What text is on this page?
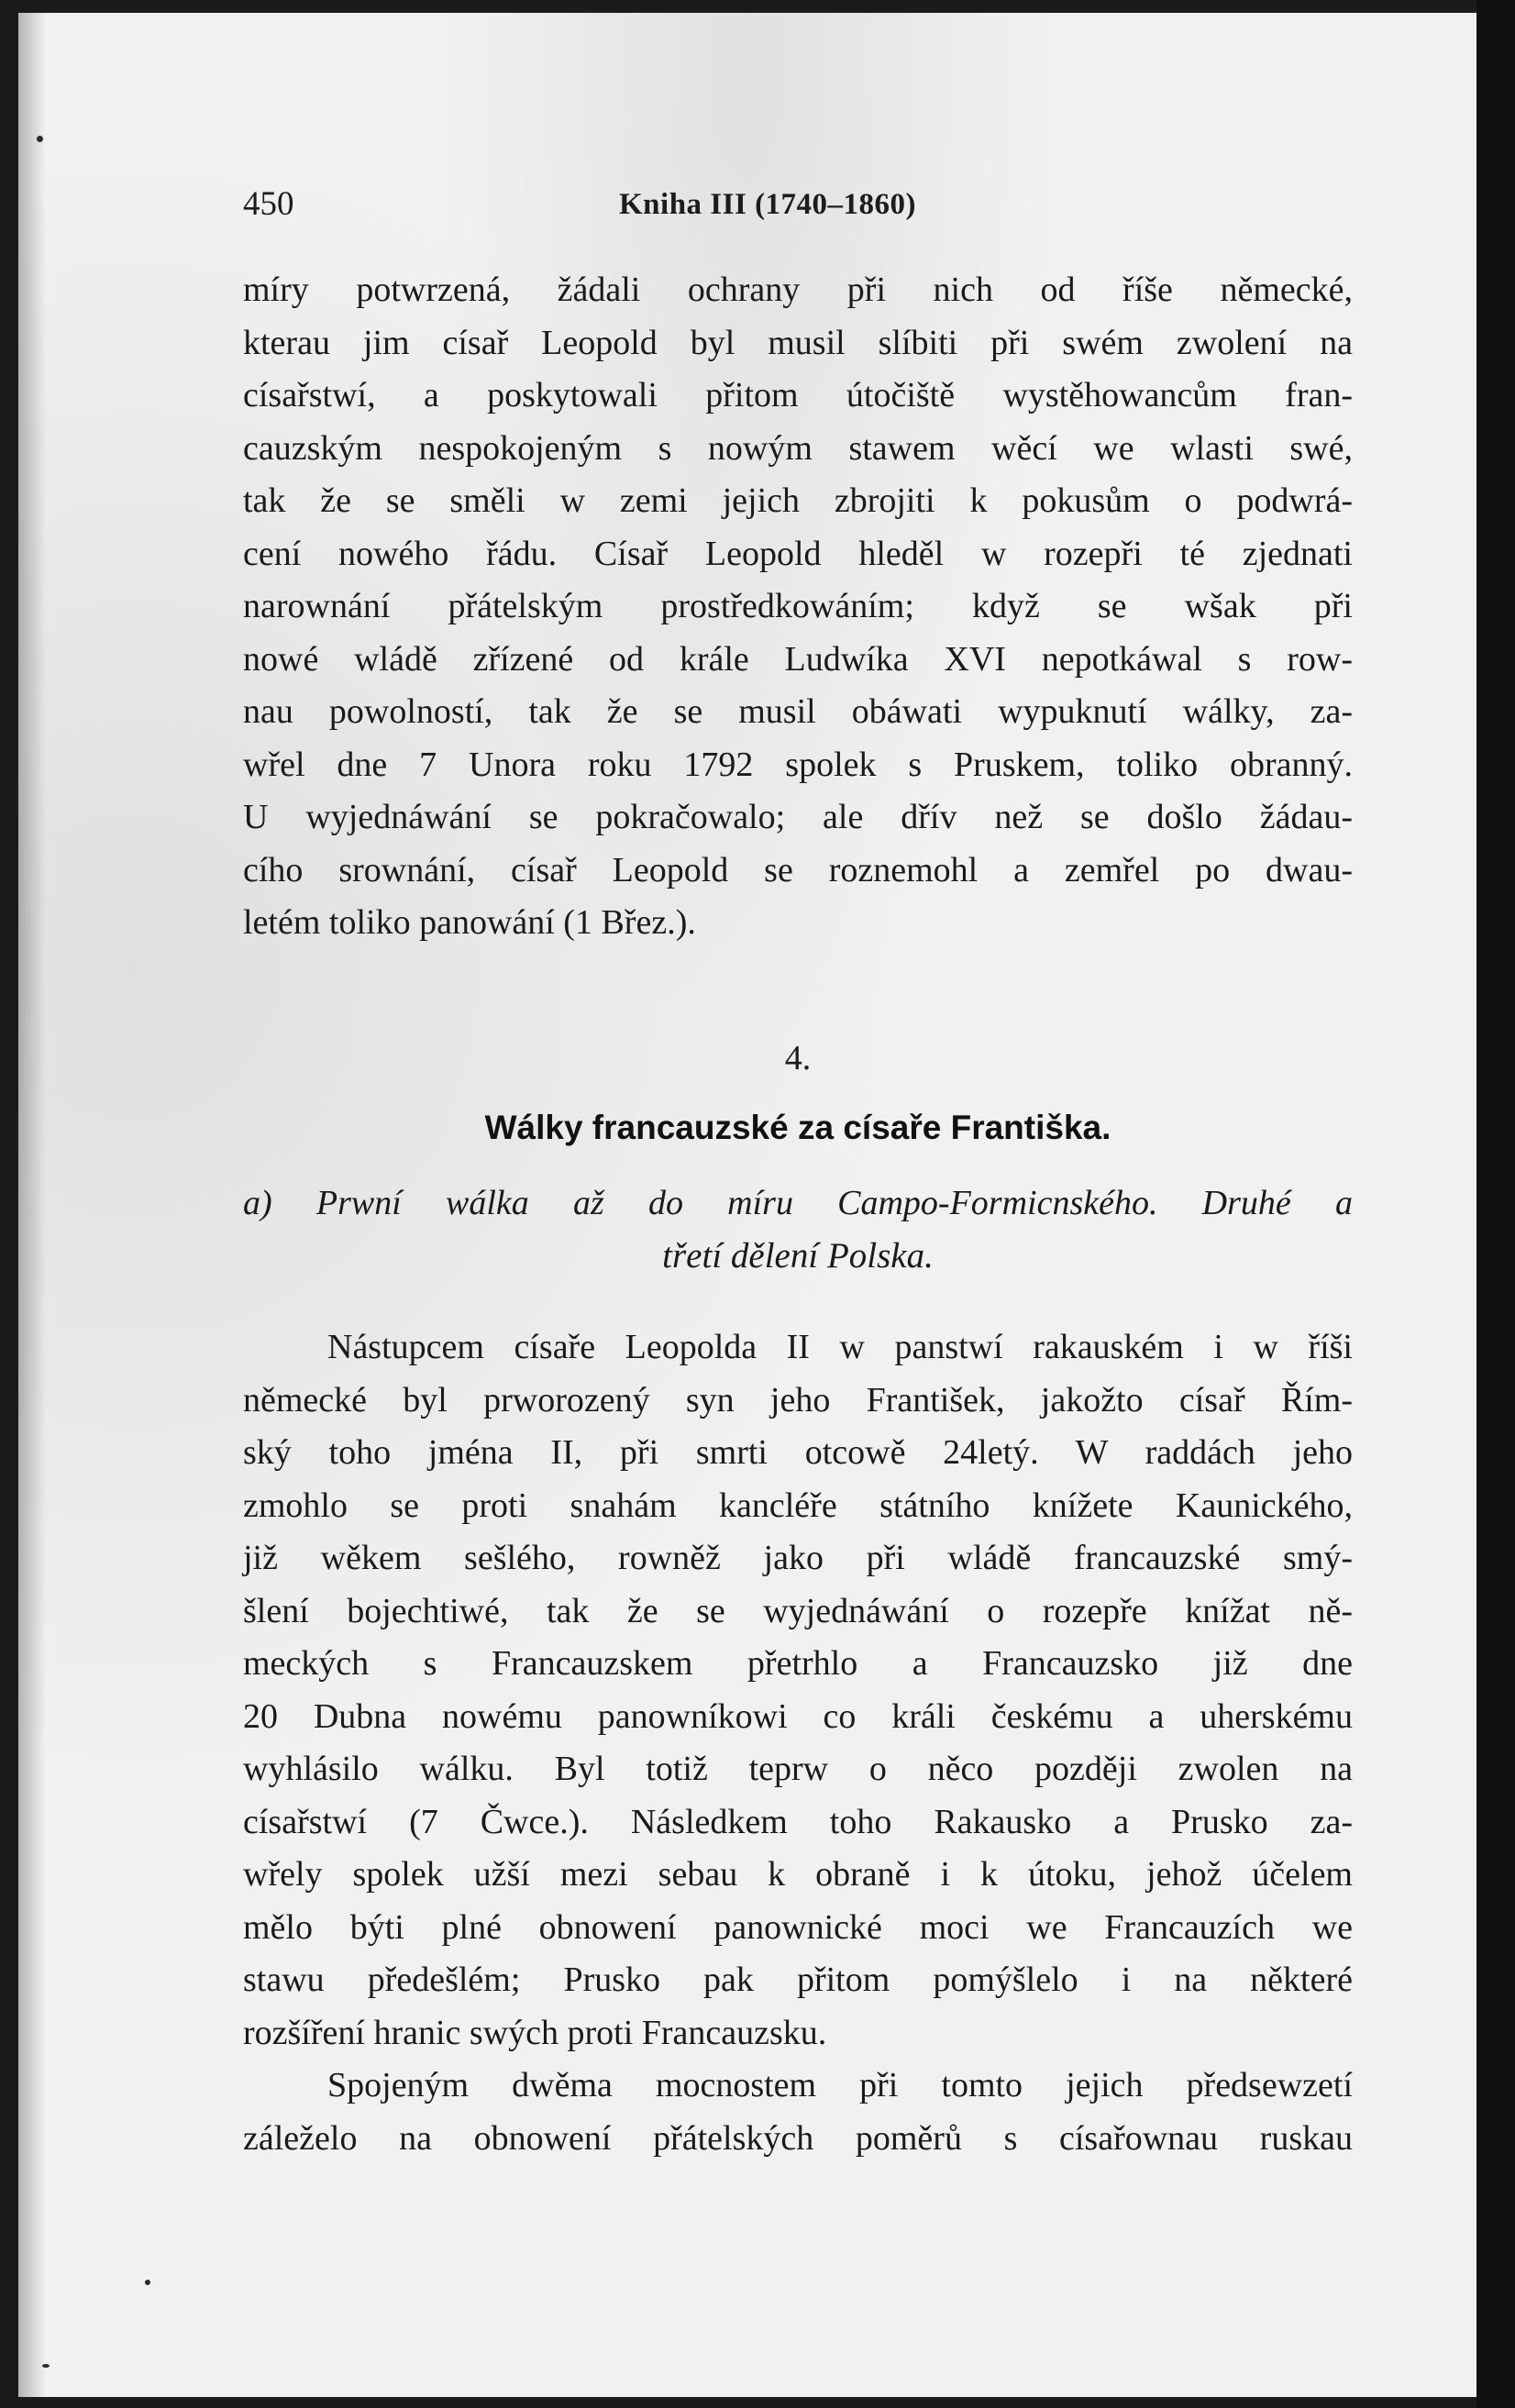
450	Kniha III (1740–1860)
míry potwrzená, žádali ochrany při nich od říše německé,
kterau jim císař Leopold byl musil slíbiti při swém zwolení na
císařstwí, a poskytowali přitom útočiště wystěhowancům fran-
cauzským nespokojeným s nowým stawem wěcí we wlasti swé,
tak že se směli w zemi jejich zbrojiti k pokusům o podwrá-
cení nowého řádu. Císař Leopold hleděl w rozepři té zjednati
narownání přátelským prostředkowáním; když se wšak při
nowé wládě zřízené od krále Ludwíka XVI nepotkáwal s row-
nau powolností, tak že se musil obáwati wypuknutí wálky, za-
wřel dne 7 Unora roku 1792 spolek s Pruskem, toliko obranný.
U wyjednáwání se pokračowalo; ale dřív než se došlo žádau-
cího srownání, císař Leopold se roznemohl a zemřel po dwau-
letém toliko panowání (1 Břez.).
4.
Wálky francauzské za císaře Františka.
a) Prwní wálka až do míru Campo-Formicnského. Druhé a
třetí dělení Polska.
Nástupcem císaře Leopolda II w panstwí rakauském i w říši
německé byl prworozený syn jeho František, jakožto císař Řím-
ský toho jména II, při smrti otcowě 24letý. W raddách jeho
zmohlo se proti snahám kancléře státního knížete Kaunického,
již wěkem sešlého, rowněž jako při wládě francauzské smý-
šlení bojechtiwé, tak že se wyjednáwání o rozepře knížat ně-
meckých s Francauzskem přetrhlo a Francauzsko již dne
20 Dubna nowému panowníkowi co králi českému a uherskému
wyhlásilo wálku. Byl totiž teprw o něco později zwolen na
císařstwí (7 Čwce.). Následkem toho Rakausko a Prusko za-
wřely spolek užší mezi sebau k obraně i k útoku, jehož účelem
mělo býti plné obnowení panownické moci we Francauzích we
stawu předešlém; Prusko pak přitom pomýšlelo i na některé
rozšíření hranic swých proti Francauzsku.
Spojeným dwěma mocnostem při tomto jejich předsewzetí
záleželo na obnowení přátelských poměrů s císařownau ruskau
